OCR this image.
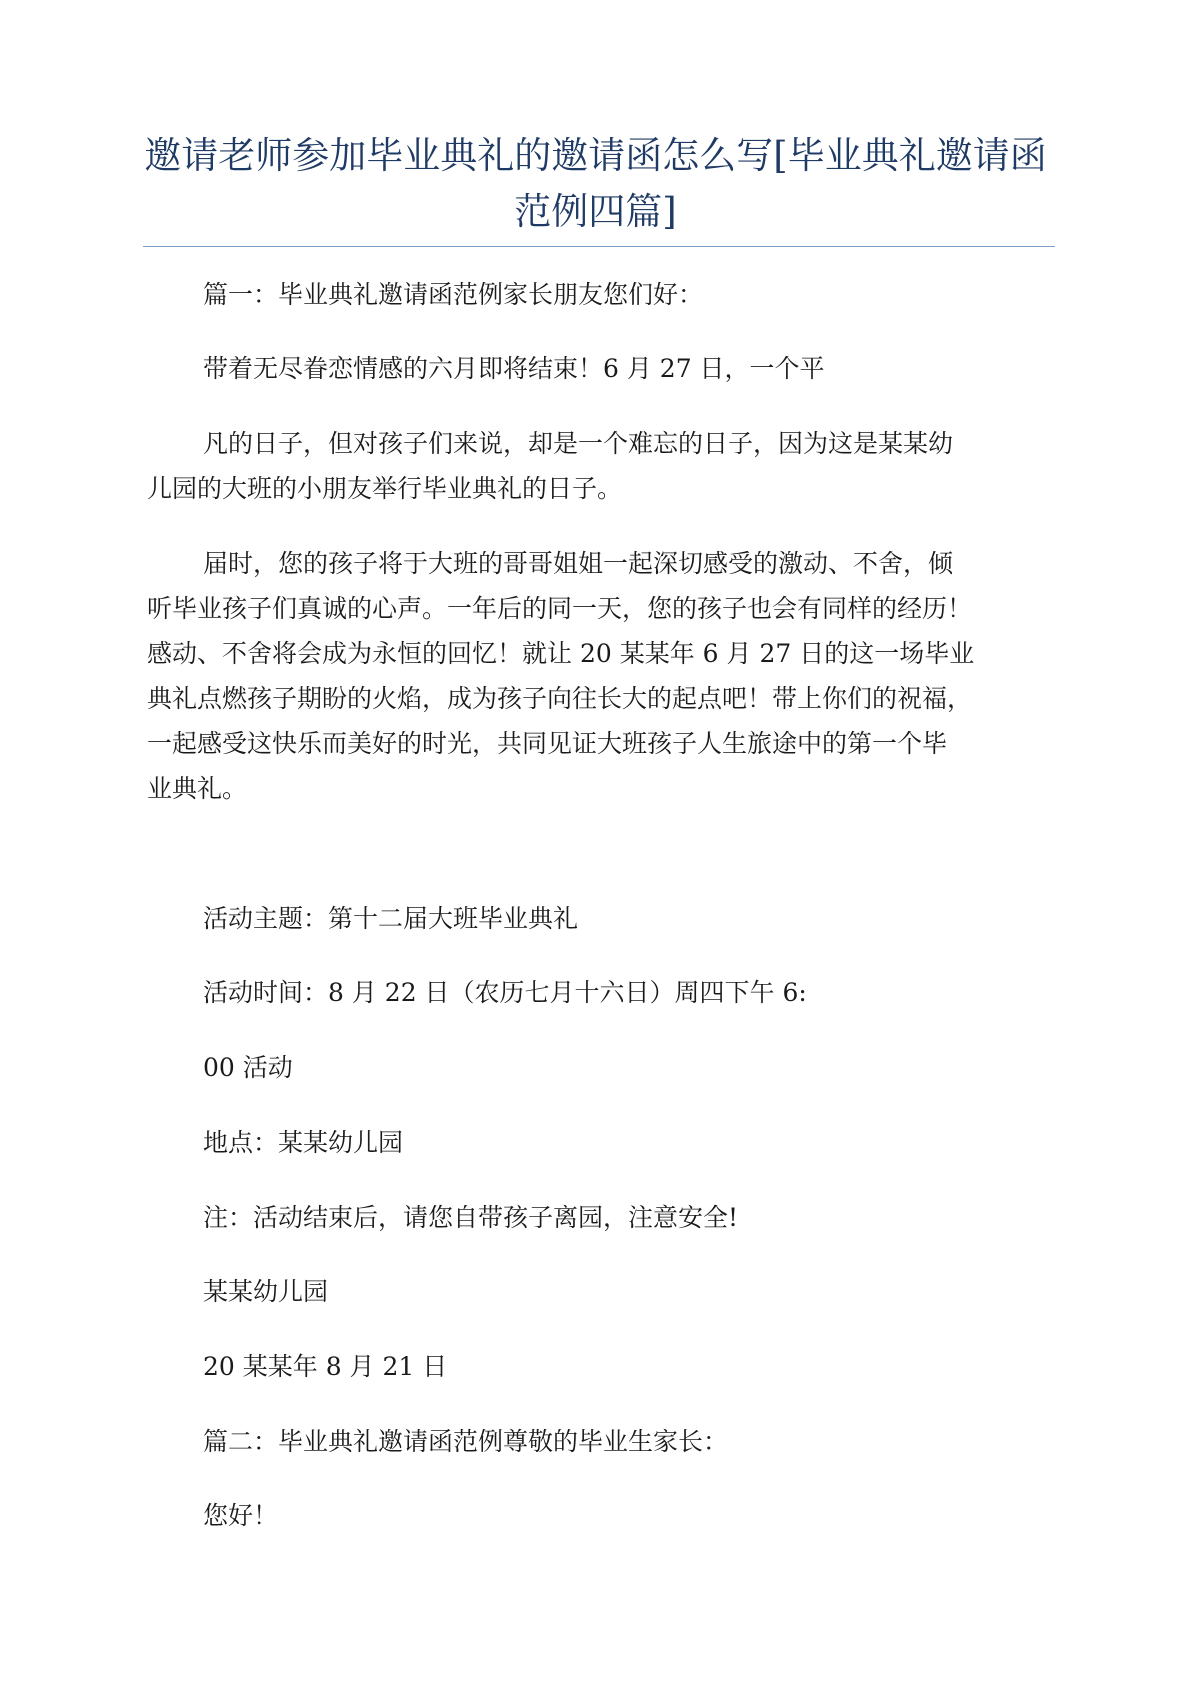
邀请老师参加毕业典礼的邀请函怎么写[毕业典礼邀请函
范例四篇]

篇一：毕业典礼邀请函范例家长朋友您们好：

带着无尽眷恋情感的六月即将结束！6 月 27 日，一个平

凡的日子，但对孩子们来说，却是一个难忘的日子，因为这是某某幼
儿园的大班的小朋友举行毕业典礼的日子。

届时，您的孩子将于大班的哥哥姐姐一起深切感受的激动、不舍，倾
听毕业孩子们真诚的心声。一年后的同一天，您的孩子也会有同样的经历！
感动、不舍将会成为永恒的回忆！就让 20 某某年 6 月 27 日的这一场毕业
典礼点燃孩子期盼的火焰，成为孩子向往长大的起点吧！带上你们的祝福，
一起感受这快乐而美好的时光，共同见证大班孩子人生旅途中的第一个毕
业典礼。

活动主题：第十二届大班毕业典礼

活动时间：8 月 22 日（农历七月十六日）周四下午 6:

00 活动

地点：某某幼儿园

注：活动结束后，请您自带孩子离园，注意安全!

某某幼儿园

20 某某年 8 月 21 日

篇二：毕业典礼邀请函范例尊敬的毕业生家长：

您好！
